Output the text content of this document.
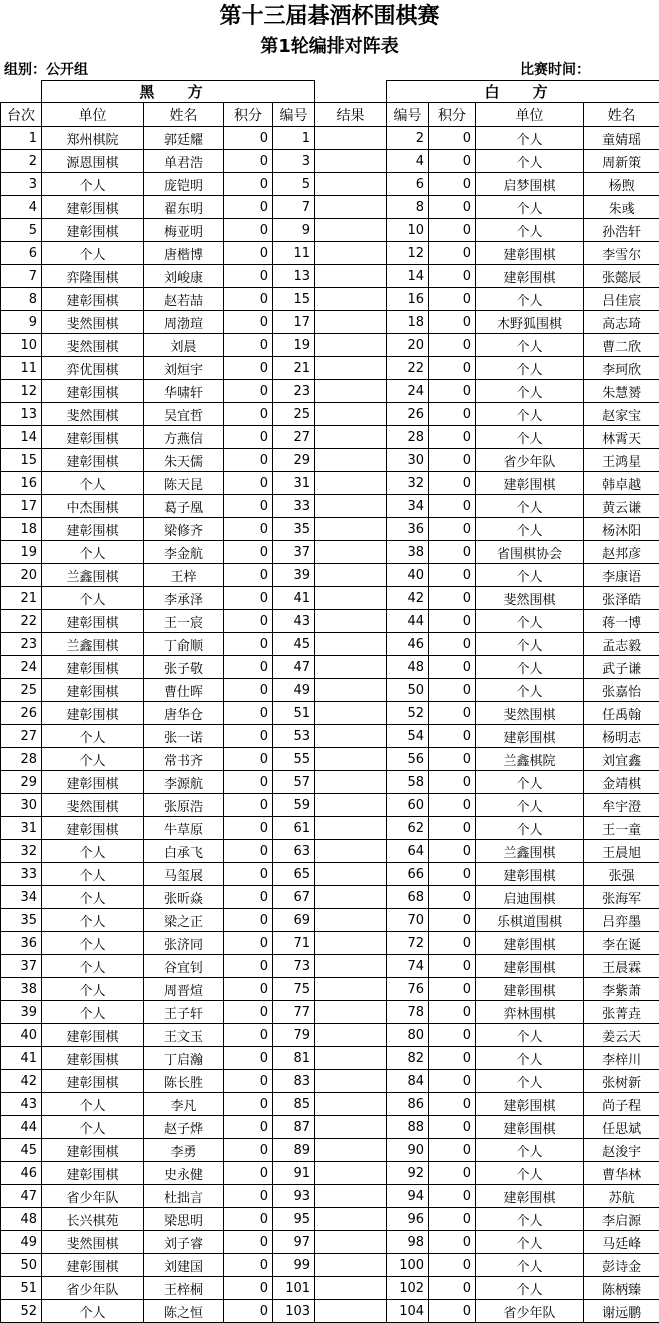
第十三届碁酒杯围棋赛
第1轮编排对阵表
组别：公开组	比赛时间：
	黑 方					白 方			
台次	单位	姓名	积分	编号	结果	编号	积分	单位	姓名
1	郑州棋院	郭廷耀	0	1		2	0	个人	童婧瑶
2	源恩围棋	单君浩	0	3		4	0	个人	周新策
3	个人	庞铠明	0	5		6	0	启梦围棋	杨煦
4	建彰围棋	翟东明	0	7		8	0	个人	朱彧
5	建彰围棋	梅亚明	0	9		10	0	个人	孙浩轩
6	个人	唐楷博	0	11		12	0	建彰围棋	李雪尔
7	弈隆围棋	刘峻康	0	13		14	0	建彰围棋	张懿辰
8	建彰围棋	赵若喆	0	15		16	0	个人	吕佳宸
9	斐然围棋	周渤瑄	0	17		18	0	木野狐围棋	高志琦
10	斐然围棋	刘晨	0	19		20	0	个人	曹二欣
11	弈优围棋	刘烜宇	0	21		22	0	个人	李珂欣
12	建彰围棋	华啸轩	0	23		24	0	个人	朱慧赟
13	斐然围棋	吴宜哲	0	25		26	0	个人	赵家宝
14	建彰围棋	方燕信	0	27		28	0	个人	林霄天
15	建彰围棋	朱天儒	0	29		30	0	省少年队	王鸿星
16	个人	陈天昆	0	31		32	0	建彰围棋	韩卓越
17	中杰围棋	葛子凰	0	33		34	0	个人	黄云谦
18	建彰围棋	梁修齐	0	35		36	0	个人	杨沐阳
19	个人	李金航	0	37		38	0	省围棋协会	赵邦彦
20	兰鑫围棋	王梓	0	39		40	0	个人	李康语
21	个人	李承泽	0	41		42	0	斐然围棋	张泽皓
22	建彰围棋	王一宸	0	43		44	0	个人	蒋一博
23	兰鑫围棋	丁俞顺	0	45		46	0	个人	孟志毅
24	建彰围棋	张子敬	0	47		48	0	个人	武子谦
25	建彰围棋	曹仕晖	0	49		50	0	个人	张嘉怡
26	建彰围棋	唐华仓	0	51		52	0	斐然围棋	任禹翰
27	个人	张一诺	0	53		54	0	建彰围棋	杨明志
28	个人	常书齐	0	55		56	0	兰鑫棋院	刘宜鑫
29	建彰围棋	李源航	0	57		58	0	个人	金靖棋
30	斐然围棋	张原浩	0	59		60	0	个人	牟宇澄
31	建彰围棋	牛草原	0	61		62	0	个人	王一童
32	个人	白承飞	0	63		64	0	兰鑫围棋	王晨旭
33	个人	马玺展	0	65		66	0	建彰围棋	张强
34	个人	张昕焱	0	67		68	0	启迪围棋	张海军
35	个人	梁之正	0	69		70	0	乐棋道围棋	吕弈墨
36	个人	张济同	0	71		72	0	建彰围棋	李在诞
37	个人	谷宜钊	0	73		74	0	建彰围棋	王晨霖
38	个人	周晋煊	0	75		76	0	建彰围棋	李紫萧
39	个人	王子轩	0	77		78	0	弈林围棋	张菁垚
40	建彰围棋	王文玉	0	79		80	0	个人	姜云天
41	建彰围棋	丁启瀚	0	81		82	0	个人	李梓川
42	建彰围棋	陈长胜	0	83		84	0	个人	张树新
43	个人	李凡	0	85		86	0	建彰围棋	尚子程
44	个人	赵子烨	0	87		88	0	建彰围棋	任思斌
45	建彰围棋	李勇	0	89		90	0	个人	赵浚宇
46	建彰围棋	史永健	0	91		92	0	个人	曹华林
47	省少年队	杜拙言	0	93		94	0	建彰围棋	苏航
48	长兴棋苑	梁思明	0	95		96	0	个人	李启源
49	斐然围棋	刘子睿	0	97		98	0	个人	马廷峰
50	建彰围棋	刘建国	0	99		100	0	个人	彭诗金
51	省少年队	王梓桐	0	101		102	0	个人	陈柄臻
52	个人	陈之恒	0	103		104	0	省少年队	谢远鹏
